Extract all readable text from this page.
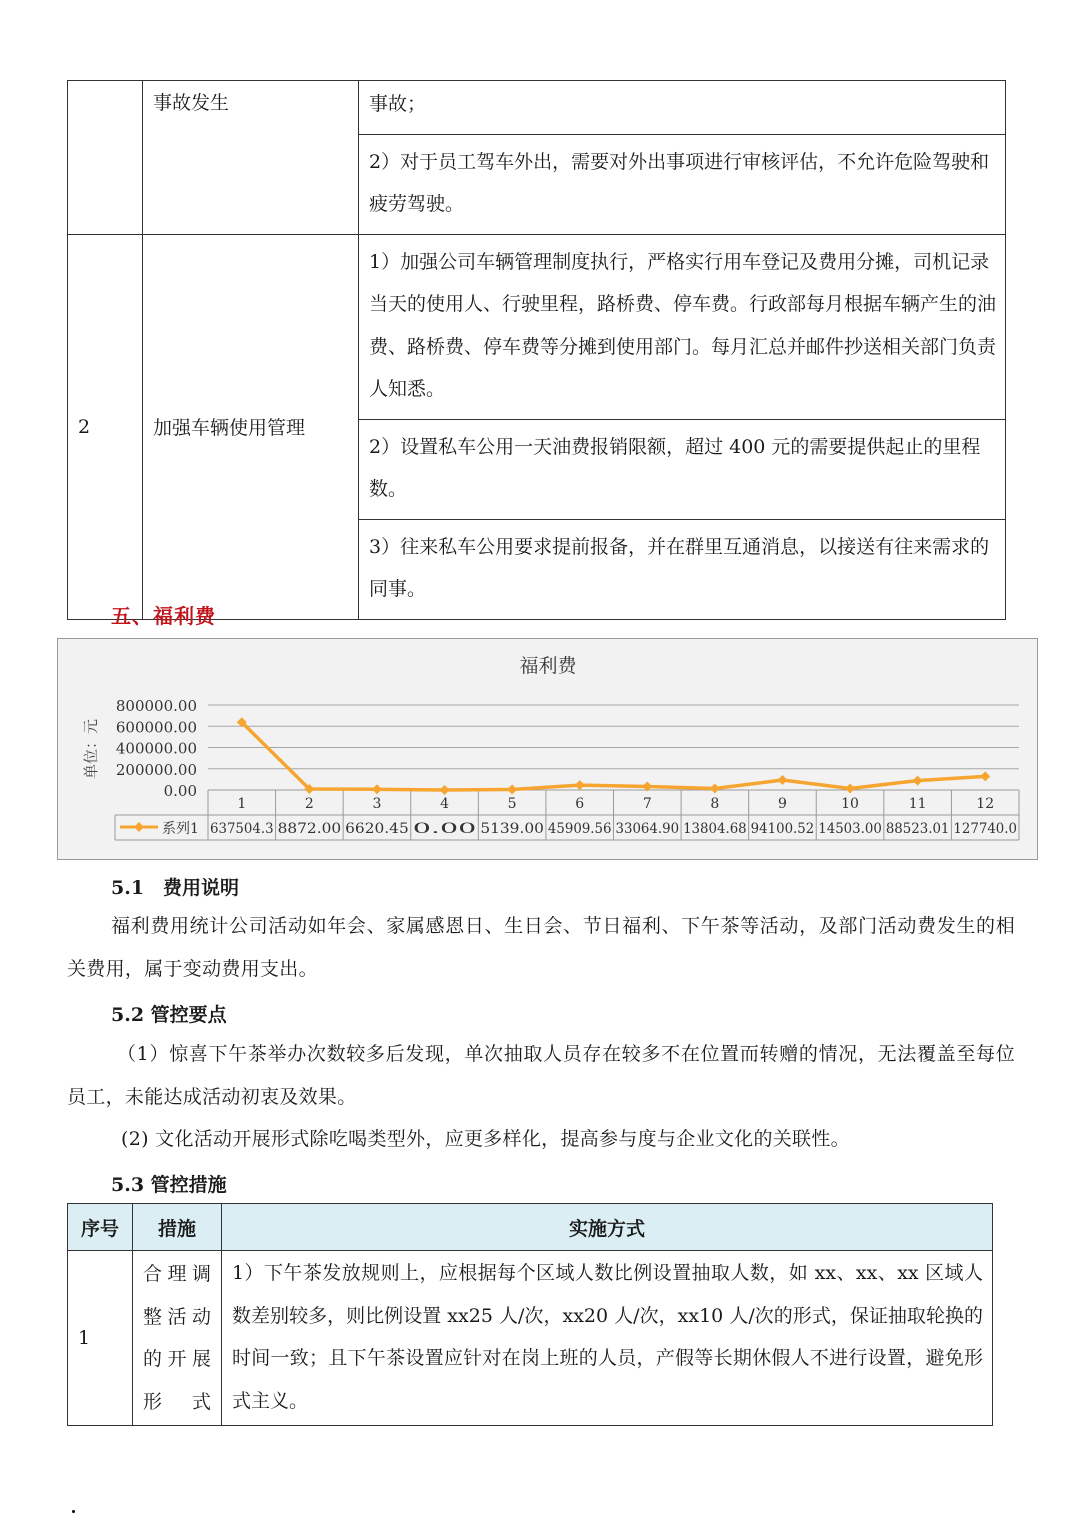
	事故发生	事故；
		2）对于员工驾车外出，需要对外出事项进行审核评估，不允许危险驾驶和疲劳驾驶。
2	加强车辆使用管理	1）加强公司车辆管理制度执行，严格实行用车登记及费用分摊，司机记录当天的使用人、行驶里程，路桥费、停车费。行政部每月根据车辆产生的油费、路桥费、停车费等分摊到使用部门。每月汇总并邮件抄送相关部门负责人知悉。
		2）设置私车公用一天油费报销限额，超过 400 元的需要提供起止的里程数。
		3）往来私车公用要求提前报备，并在群里互通消息，以接送有往来需求的同事。
五、福利费
福利费
单位：元
800000.00
600000.00
400000.00
200000.00
0.00
1	2	3	4	5	6	7	8	9	10	11	12
637504.3 8872.00 6620.45 0.00 5139.00 45909.56 33064.90 13804.68 94100.52 14503.00 88523.01 127740.0
系列1
5.1　费用说明

福利费用统计公司活动如年会、家属感恩日、生日会、节日福利、下午茶等活动，及部门活动费发生的相关费用，属于变动费用支出。

5.2 管控要点

（1）惊喜下午茶举办次数较多后发现，单次抽取人员存在较多不在位置而转赠的情况，无法覆盖至每位员工，未能达成活动初衷及效果。

(2) 文化活动开展形式除吃喝类型外，应更多样化，提高参与度与企业文化的关联性。

5.3 管控措施
序号	措施	实施方式
1	合理调整活动的开展形式	1）下午茶发放规则上，应根据每个区域人数比例设置抽取人数，如 xx、xx、xx 区域人数差别较多，则比例设置 xx25 人/次，xx20 人/次，xx10 人/次的形式，保证抽取轮换的时间一致；且下午茶设置应针对在岗上班的人员，产假等长期休假人不进行设置，避免形式主义。
